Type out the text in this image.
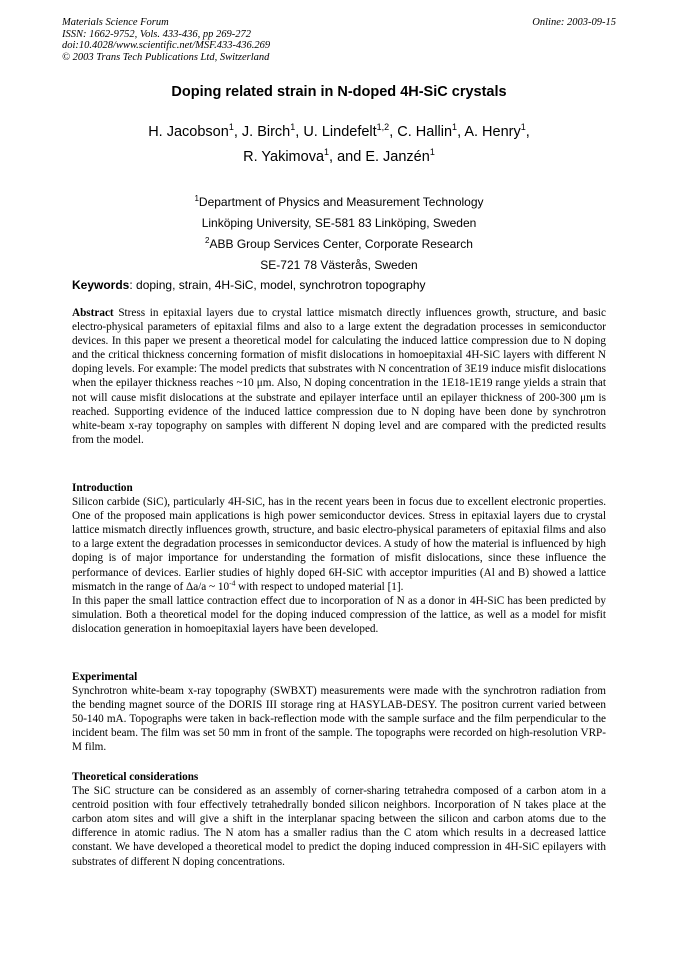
Materials Science Forum
ISSN: 1662-9752, Vols. 433-436, pp 269-272
doi:10.4028/www.scientific.net/MSF.433-436.269
© 2003 Trans Tech Publications Ltd, Switzerland
Online: 2003-09-15
Doping related strain in N-doped 4H-SiC crystals
H. Jacobson$^1$, J. Birch$^1$, U. Lindefelt$^{1,2}$, C. Hallin$^1$, A. Henry$^1$,
R. Yakimova$^1$, and E. Janzén$^1$
$^1$Department of Physics and Measurement Technology
Linköping University, SE-581 83 Linköping, Sweden
$^2$ABB Group Services Center, Corporate Research
SE-721 78 Västerås, Sweden
Keywords: doping, strain, 4H-SiC, model, synchrotron topography

Abstract Stress in epitaxial layers due to crystal lattice mismatch directly influences growth, structure, and basic electro-physical parameters of epitaxial films and also to a large extent the degradation processes in semiconductor devices. In this paper we present a theoretical model for calculating the induced lattice compression due to N doping and the critical thickness concerning formation of misfit dislocations in homoepitaxial 4H-SiC layers with different N doping levels. For example: The model predicts that substrates with N concentration of 3E19 induce misfit dislocations when the epilayer thickness reaches ~10 μm. Also, N doping concentration in the 1E18-1E19 range yields a strain that not will cause misfit dislocations at the substrate and epilayer interface until an epilayer thickness of 200-300 μm is reached. Supporting evidence of the induced lattice compression due to N doping have been done by synchrotron white-beam x-ray topography on samples with different N doping level and are compared with the predicted results from the model.

Introduction

Silicon carbide (SiC), particularly 4H-SiC, has in the recent years been in focus due to excellent electronic properties. One of the proposed main applications is high power semiconductor devices. Stress in epitaxial layers due to crystal lattice mismatch directly influences growth, structure, and basic electro-physical parameters of epitaxial films and also to a large extent the degradation processes in semiconductor devices. A study of how the material is influenced by high doping is of major importance for understanding the formation of misfit dislocations, since these influence the performance of devices. Earlier studies of highly doped 6H-SiC with acceptor impurities (Al and B) showed a lattice mismatch in the range of Δa/a ~ $10^{-4}$ with respect to undoped material [1].

In this paper the small lattice contraction effect due to incorporation of N as a donor in 4H-SiC has been predicted by simulation. Both a theoretical model for the doping induced compression of the lattice, as well as a model for misfit dislocation generation in homoepitaxial layers have been developed.

Experimental

Synchrotron white-beam x-ray topography (SWBXT) measurements were made with the synchrotron radiation from the bending magnet source of the DORIS III storage ring at HASYLAB-DESY. The positron current varied between 50-140 mA. Topographs were taken in back-reflection mode with the sample surface and the film perpendicular to the incident beam. The film was set 50 mm in front of the sample. The topographs were recorded on high-resolution VRP-M film.

Theoretical considerations

The SiC structure can be considered as an assembly of corner-sharing tetrahedra composed of a carbon atom in a centroid position with four effectively tetrahedrally bonded silicon neighbors. Incorporation of N takes place at the carbon atom sites and will give a shift in the interplanar spacing between the silicon and carbon atoms due to the difference in atomic radius. The N atom has a smaller radius than the C atom which results in a decreased lattice constant. We have developed a theoretical model to predict the doping induced compression in 4H-SiC epilayers with substrates of different N doping concentrations.
